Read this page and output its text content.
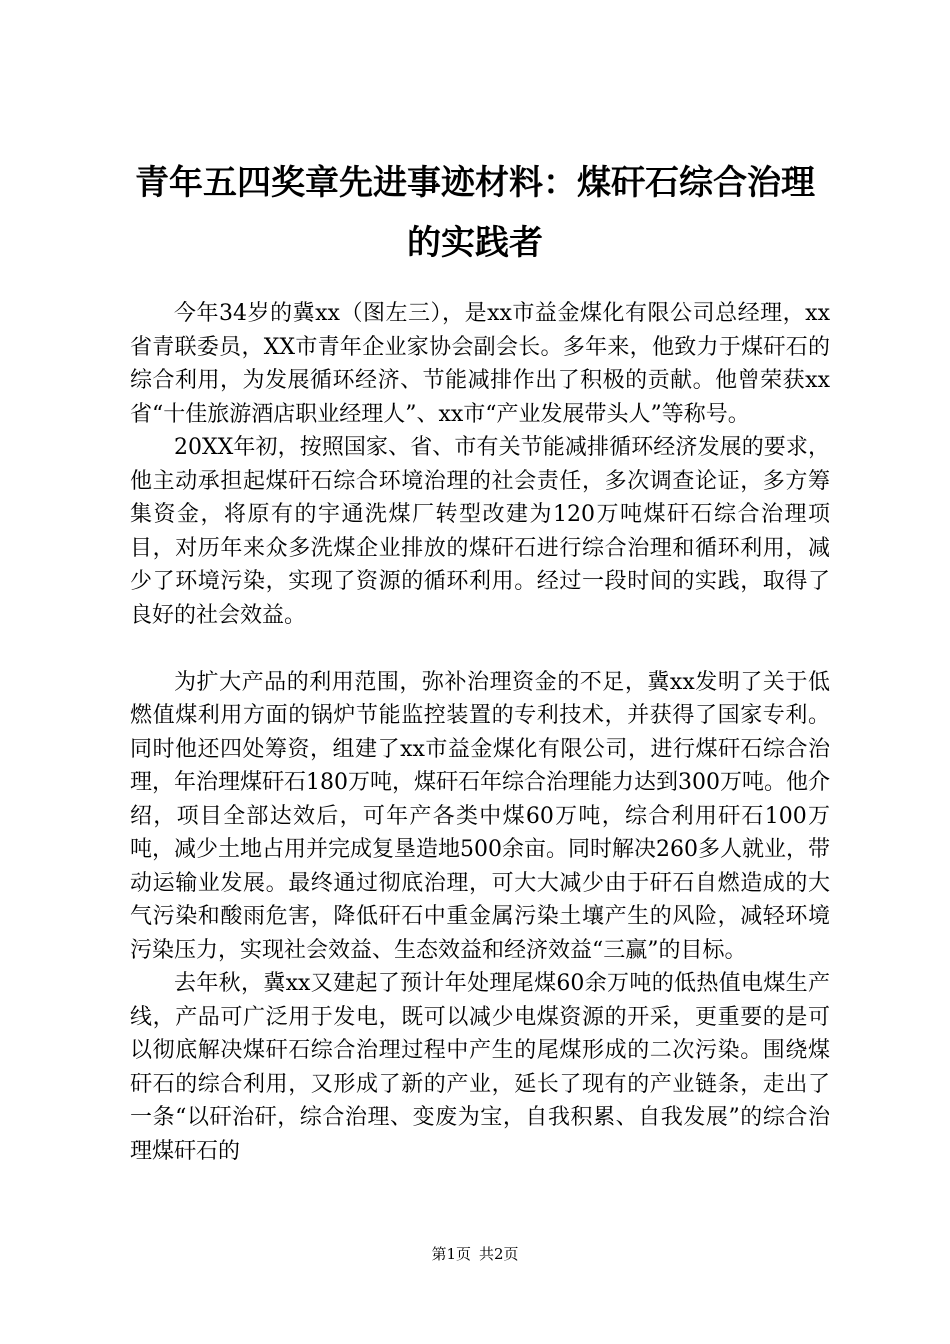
青年五四奖章先进事迹材料：煤矸石综合治理
的实践者

今年34岁的冀xx（图左三），是xx市益金煤化有限公司总经理，xx省青联委员，XX市青年企业家协会副会长。多年来，他致力于煤矸石的综合利用，为发展循环经济、节能减排作出了积极的贡献。他曾荣获xx省“十佳旅游酒店职业经理人”、xx市“产业发展带头人”等称号。

20XX年初，按照国家、省、市有关节能减排循环经济发展的要求，他主动承担起煤矸石综合环境治理的社会责任，多次调查论证，多方筹集资金，将原有的宇通洗煤厂转型改建为120万吨煤矸石综合治理项目，对历年来众多洗煤企业排放的煤矸石进行综合治理和循环利用，减少了环境污染，实现了资源的循环利用。经过一段时间的实践，取得了良好的社会效益。

为扩大产品的利用范围，弥补治理资金的不足，冀xx发明了关于低燃值煤利用方面的锅炉节能监控装置的专利技术，并获得了国家专利。同时他还四处筹资，组建了xx市益金煤化有限公司，进行煤矸石综合治理，年治理煤矸石180万吨，煤矸石年综合治理能力达到300万吨。他介绍，项目全部达效后，可年产各类中煤60万吨，综合利用矸石100万吨，减少土地占用并完成复垦造地500余亩。同时解决260多人就业，带动运输业发展。最终通过彻底治理，可大大减少由于矸石自燃造成的大气污染和酸雨危害，降低矸石中重金属污染土壤产生的风险，减轻环境污染压力，实现社会效益、生态效益和经济效益“三赢”的目标。

去年秋，冀xx又建起了预计年处理尾煤60余万吨的低热值电煤生产线，产品可广泛用于发电，既可以减少电煤资源的开采，更重要的是可以彻底解决煤矸石综合治理过程中产生的尾煤形成的二次污染。围绕煤矸石的综合利用，又形成了新的产业，延长了现有的产业链条，走出了一条“以矸治矸，综合治理、变废为宝，自我积累、自我发展”的综合治理煤矸石的

第1页 共2页
